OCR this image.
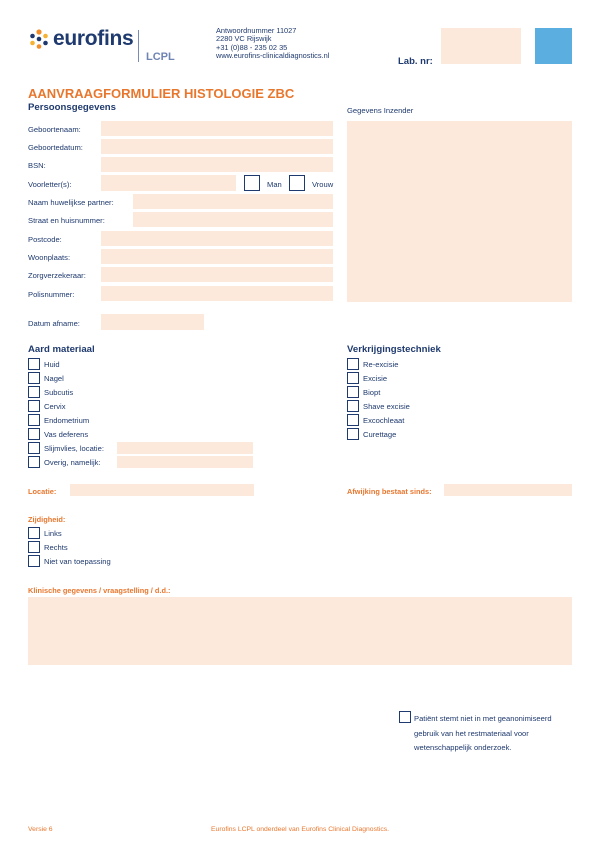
eurofins
LCPL
Antwoordnummer 11027
2280 VC Rijswijk
+31 (0)88 - 235 02 35
www.eurofins-clinicaldiagnostics.nl
Lab. nr:
AANVRAAGFORMULIER HISTOLOGIE ZBC
Persoonsgegevens	Gegevens Inzender
Geboortenaam:
Geboortedatum:
BSN:
Voorletter(s):	Man	Vrouw
Naam huwelijkse partner:
Straat en huisnummer:
Postcode:
Woonplaats:
Zorgverzekeraar:
Polisnummer:
Datum afname:
Aard materiaal
Huid
Nagel
Subcutis
Cervix
Endometrium
Vas deferens
Slijmvlies, locatie:
Overig, namelijk:
Verkrijgingstechniek
Re-excisie
Excisie
Biopt
Shave excisie
Excochleaat
Curettage
Locatie:	Afwijking bestaat sinds:
Zijdigheid:
Links
Rechts
Niet van toepassing
Klinische gegevens / vraagstelling / d.d.:
Patiënt stemt niet in met geanonimiseerd
gebruik van het restmateriaal voor
wetenschappelijk onderzoek.
Versie 6	Eurofins LCPL onderdeel van Eurofins Clinical Diagnostics.
